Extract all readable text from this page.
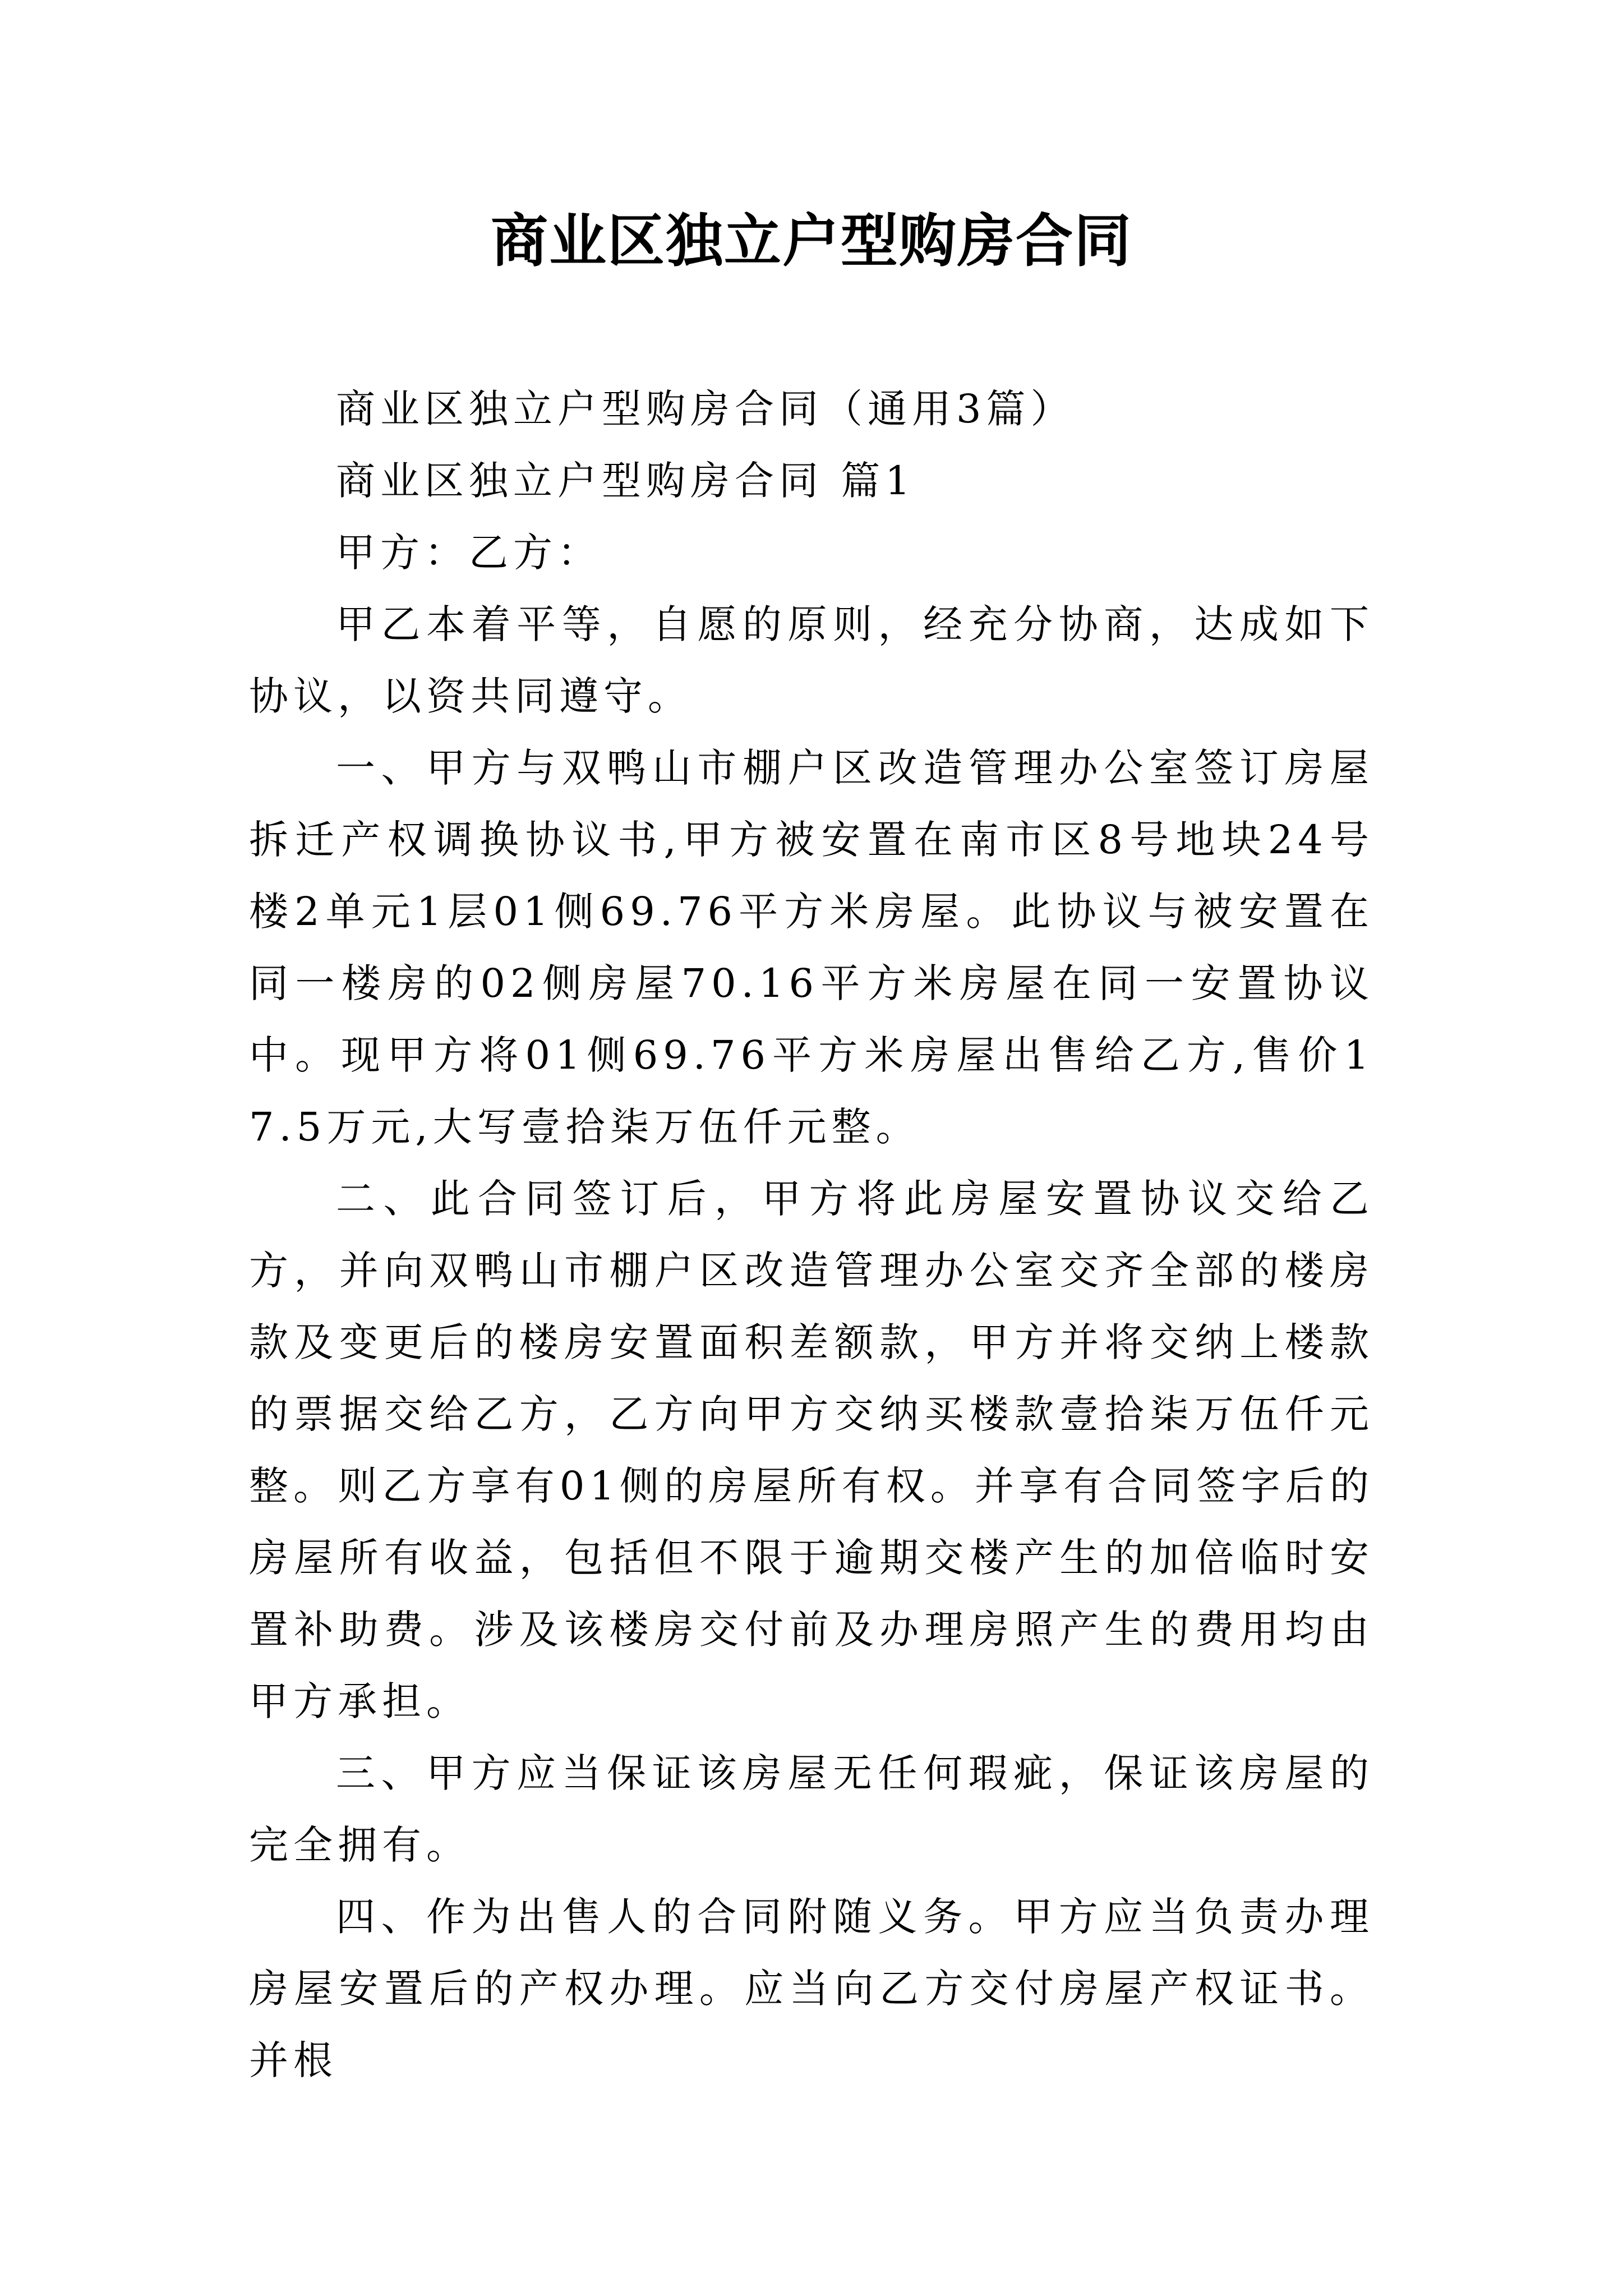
商业区独立户型购房合同

商业区独立户型购房合同（通用3篇）

商业区独立户型购房合同 篇1

甲方：乙方：

甲乙本着平等，自愿的原则，经充分协商，达成如下协议，以资共同遵守。

一、甲方与双鸭山市棚户区改造管理办公室签订房屋拆迁产权调换协议书,甲方被安置在南市区8号地块24号楼2单元1层01侧69.76平方米房屋。此协议与被安置在同一楼房的02侧房屋70.16平方米房屋在同一安置协议中。现甲方将01侧69.76平方米房屋出售给乙方,售价17.5万元,大写壹拾柒万伍仟元整。

二、此合同签订后，甲方将此房屋安置协议交给乙方，并向双鸭山市棚户区改造管理办公室交齐全部的楼房款及变更后的楼房安置面积差额款，甲方并将交纳上楼款的票据交给乙方，乙方向甲方交纳买楼款壹拾柒万伍仟元整。则乙方享有01侧的房屋所有权。并享有合同签字后的房屋所有收益，包括但不限于逾期交楼产生的加倍临时安置补助费。涉及该楼房交付前及办理房照产生的费用均由甲方承担。

三、甲方应当保证该房屋无任何瑕疵，保证该房屋的完全拥有。

四、作为出售人的合同附随义务。甲方应当负责办理房屋安置后的产权办理。应当向乙方交付房屋产权证书。并根
